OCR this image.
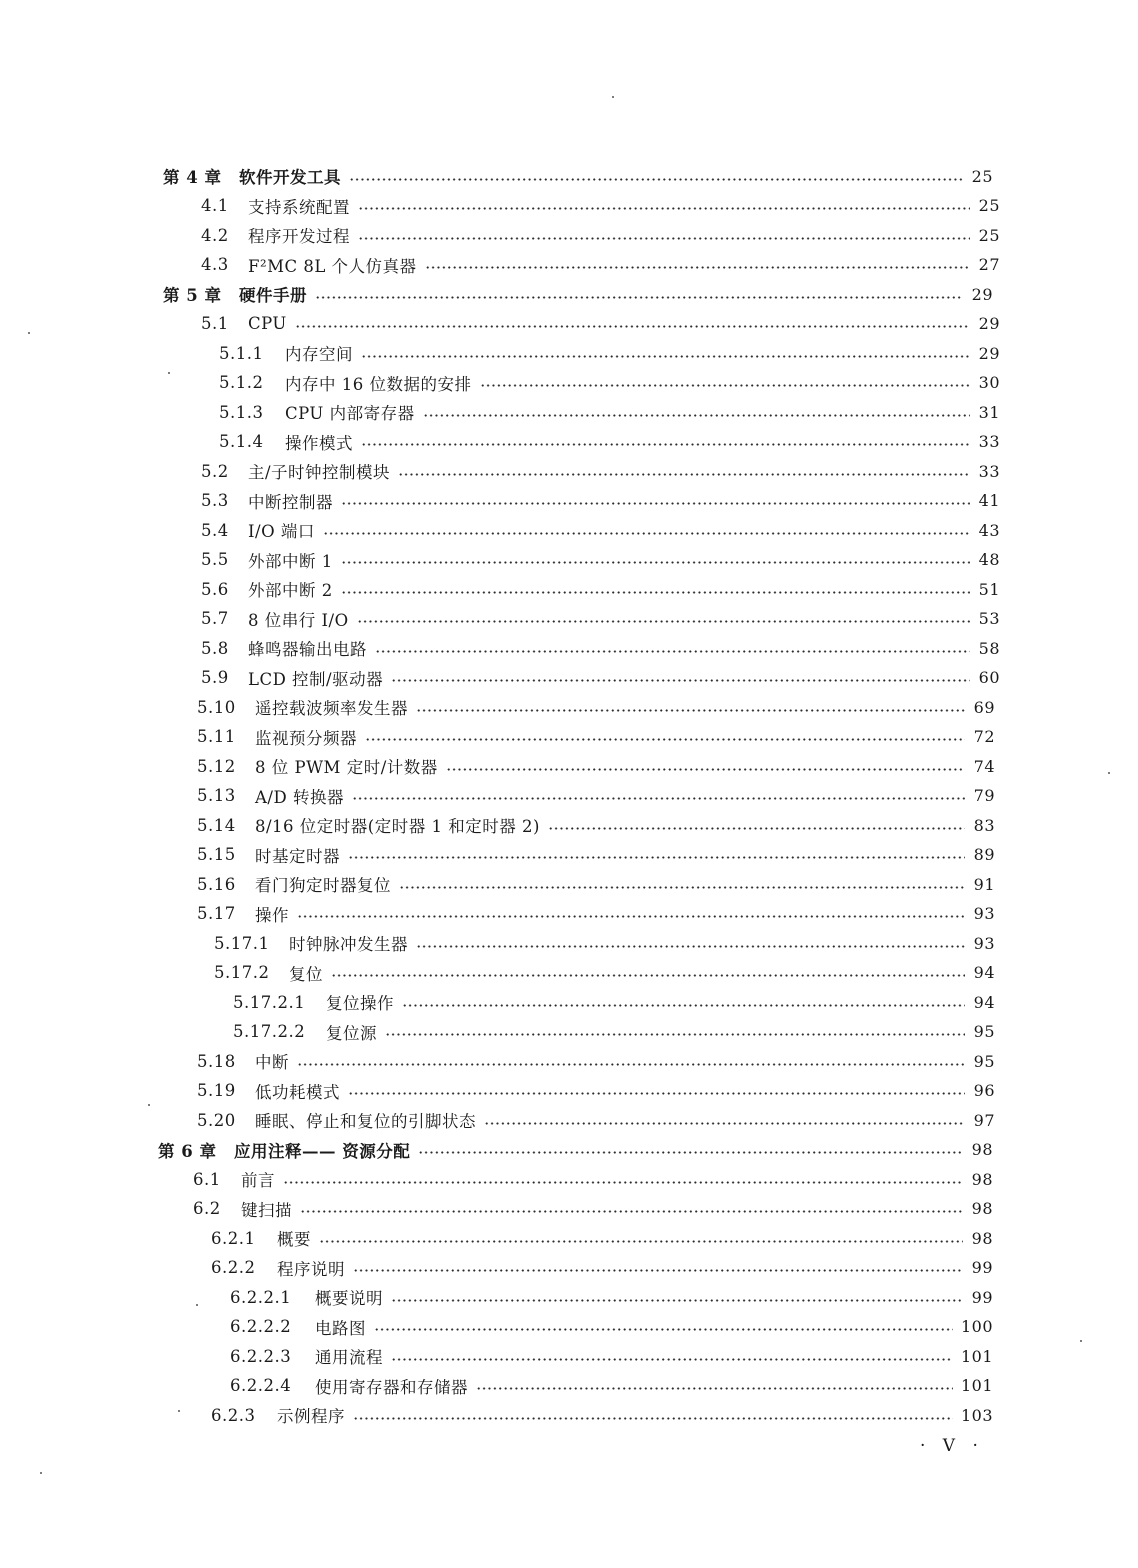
第 4 章	软件开发工具	25
4.1	支持系统配置	25
4.2	程序开发过程	25
4.3	F²MC 8L 个人仿真器	27
第 5 章	硬件手册	29
5.1	CPU	29
5.1.1	内存空间	29
5.1.2	内存中 16 位数据的安排	30
5.1.3	CPU 内部寄存器	31
5.1.4	操作模式	33
5.2	主/子时钟控制模块	33
5.3	中断控制器	41
5.4	I/O 端口	43
5.5	外部中断 1	48
5.6	外部中断 2	51
5.7	8 位串行 I/O	53
5.8	蜂鸣器输出电路	58
5.9	LCD 控制/驱动器	60
5.10	遥控载波频率发生器	69
5.11	监视预分频器	72
5.12	8 位 PWM 定时/计数器	74
5.13	A/D 转换器	79
5.14	8/16 位定时器(定时器 1 和定时器 2)	83
5.15	时基定时器	89
5.16	看门狗定时器复位	91
5.17	操作	93
5.17.1	时钟脉冲发生器	93
5.17.2	复位	94
5.17.2.1	复位操作	94
5.17.2.2	复位源	95
5.18	中断	95
5.19	低功耗模式	96
5.20	睡眠、停止和复位的引脚状态	97
第 6 章	应用注释—— 资源分配	98
6.1	前言	98
6.2	键扫描	98
6.2.1	概要	98
6.2.2	程序说明	99
6.2.2.1	概要说明	99
6.2.2.2	电路图	100
6.2.2.3	通用流程	101
6.2.2.4	使用寄存器和存储器	101
6.2.3	示例程序	103
· V ·
